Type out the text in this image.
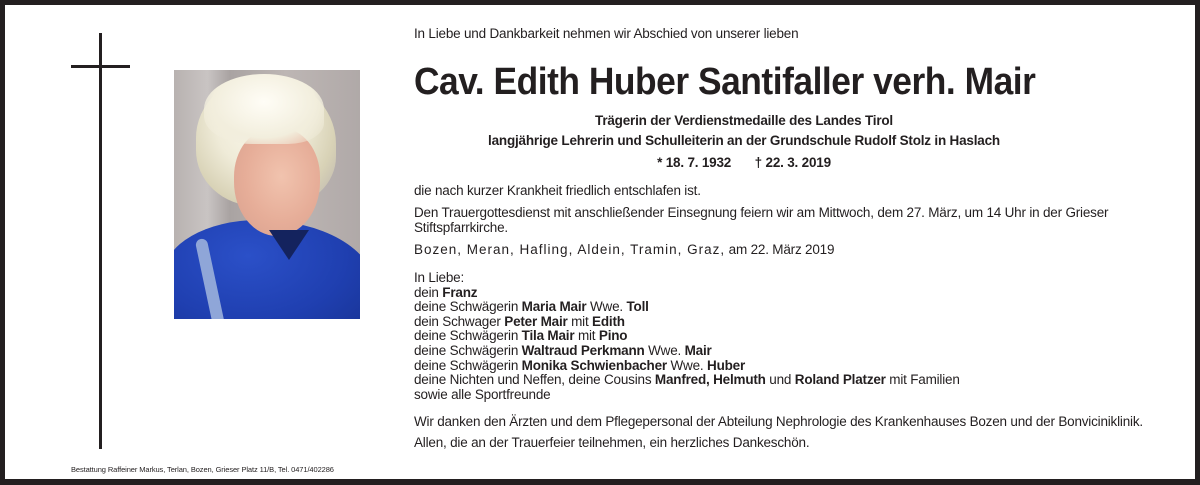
In Liebe und Dankbarkeit nehmen wir Abschied von unserer lieben
Cav. Edith Huber Santifaller verh. Mair
Trägerin der Verdienstmedaille des Landes Tirol
langjährige Lehrerin und Schulleiterin an der Grundschule Rudolf Stolz in Haslach
* 18. 7. 1932 † 22. 3. 2019
die nach kurzer Krankheit friedlich entschlafen ist.
Den Trauergottesdienst mit anschließender Einsegnung feiern wir am Mittwoch, dem 27. März, um 14 Uhr in der Grieser Stiftspfarrkirche.
Bozen, Meran, Hafling, Aldein, Tramin, Graz, am 22. März 2019
In Liebe:
dein Franz
deine Schwägerin Maria Mair Wwe. Toll
dein Schwager Peter Mair mit Edith
deine Schwägerin Tila Mair mit Pino
deine Schwägerin Waltraud Perkmann Wwe. Mair
deine Schwägerin Monika Schwienbacher Wwe. Huber
deine Nichten und Neffen, deine Cousins Manfred, Helmuth und Roland Platzer mit Familien
sowie alle Sportfreunde
Wir danken den Ärzten und dem Pflegepersonal der Abteilung Nephrologie des Krankenhauses Bozen und der Bonviciniklinik.
Allen, die an der Trauerfeier teilnehmen, ein herzliches Dankeschön.
Bestattung Raffeiner Markus, Terlan, Bozen, Grieser Platz 11/B, Tel. 0471/402286
